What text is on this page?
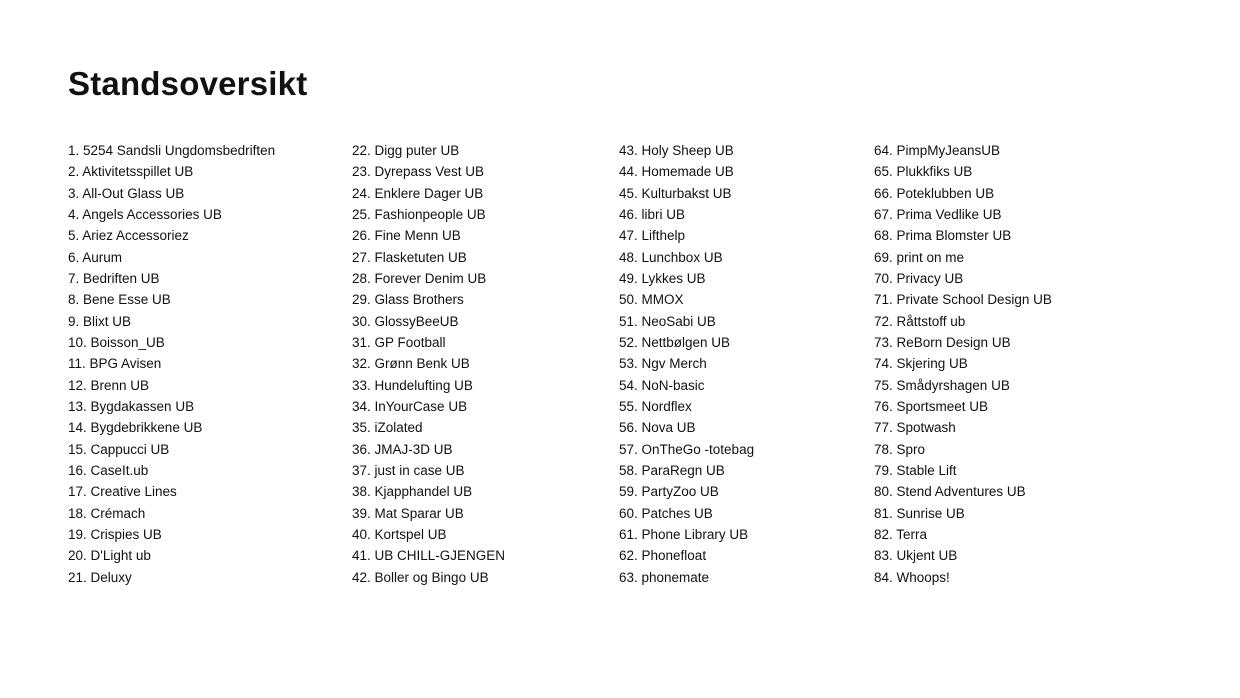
Standsoversikt
1. 5254 Sandsli Ungdomsbedriften
2. Aktivitetsspillet UB
3. All-Out Glass UB
4. Angels Accessories UB
5. Ariez Accessoriez
6. Aurum
7. Bedriften UB
8. Bene Esse UB
9. Blixt UB
10. Boisson_UB
11. BPG Avisen
12. Brenn UB
13. Bygdakassen UB
14. Bygdebrikkene UB
15. Cappucci UB
16. CaseIt.ub
17. Creative Lines
18. Crémach
19. Crispies UB
20. D'Light ub
21. Deluxy
22. Digg puter UB
23. Dyrepass Vest UB
24. Enklere Dager UB
25. Fashionpeople UB
26. Fine Menn UB
27. Flasketuten UB
28. Forever Denim UB
29. Glass Brothers
30. GlossyBeeUB
31. GP Football
32. Grønn Benk UB
33. Hundelufting UB
34. InYourCase UB
35. iZolated
36. JMAJ-3D UB
37. just in case UB
38. Kjapphandel UB
39. Mat Sparar UB
40. Kortspel UB
41. UB CHILL-GJENGEN
42. Boller og Bingo UB
43. Holy Sheep UB
44. Homemade UB
45. Kulturbakst UB
46. libri UB
47. Lifthelp
48. Lunchbox UB
49. Lykkes UB
50. MMOX
51. NeoSabi UB
52. Nettbølgen UB
53. Ngv Merch
54. NoN-basic
55. Nordflex
56. Nova UB
57. OnTheGo -totebag
58. ParaRegn UB
59. PartyZoo UB
60. Patches UB
61. Phone Library UB
62. Phonefloat
63. phonemate
64. PimpMyJeansUB
65. Plukkfiks UB
66. Poteklubben UB
67. Prima Vedlike UB
68. Prima Blomster UB
69. print on me
70. Privacy UB
71. Private School Design UB
72. Råttstoff ub
73. ReBorn Design UB
74. Skjering UB
75. Smådyrshagen UB
76. Sportsmeet UB
77. Spotwash
78. Spro
79. Stable Lift
80. Stend Adventures UB
81. Sunrise UB
82. Terra
83. Ukjent UB
84. Whoops!
